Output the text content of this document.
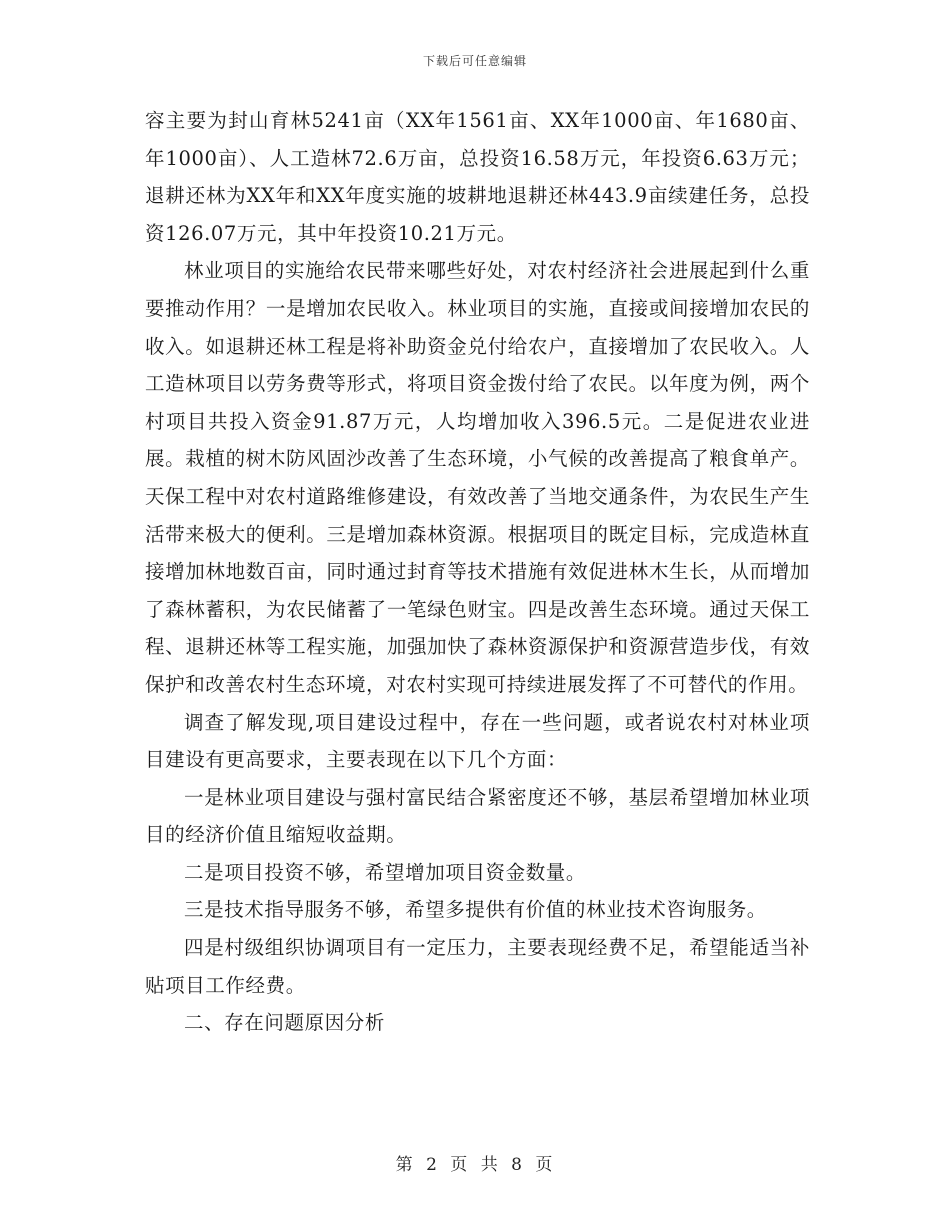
下载后可任意编辑

容主要为封山育林5241亩（XX年1561亩、XX年1000亩、年1680亩、年1000亩）、人工造林72.6万亩，总投资16.58万元，年投资6.63万元；退耕还林为XX年和XX年度实施的坡耕地退耕还林443.9亩续建任务，总投资126.07万元，其中年投资10.21万元。

林业项目的实施给农民带来哪些好处，对农村经济社会进展起到什么重要推动作用？一是增加农民收入。林业项目的实施，直接或间接增加农民的收入。如退耕还林工程是将补助资金兑付给农户，直接增加了农民收入。人工造林项目以劳务费等形式，将项目资金拨付给了农民。以年度为例，两个村项目共投入资金91.87万元，人均增加收入396.5元。二是促进农业进展。栽植的树木防风固沙改善了生态环境，小气候的改善提高了粮食单产。天保工程中对农村道路维修建设，有效改善了当地交通条件，为农民生产生活带来极大的便利。三是增加森林资源。根据项目的既定目标，完成造林直接增加林地数百亩，同时通过封育等技术措施有效促进林木生长，从而增加了森林蓄积，为农民储蓄了一笔绿色财宝。四是改善生态环境。通过天保工程、退耕还林等工程实施，加强加快了森林资源保护和资源营造步伐，有效保护和改善农村生态环境，对农村实现可持续进展发挥了不可替代的作用。

调查了解发现,项目建设过程中，存在一些问题，或者说农村对林业项目建设有更高要求，主要表现在以下几个方面：

一是林业项目建设与强村富民结合紧密度还不够，基层希望增加林业项目的经济价值且缩短收益期。

二是项目投资不够，希望增加项目资金数量。

三是技术指导服务不够，希望多提供有价值的林业技术咨询服务。

四是村级组织协调项目有一定压力，主要表现经费不足，希望能适当补贴项目工作经费。

二、存在问题原因分析

第 2 页 共 8 页
